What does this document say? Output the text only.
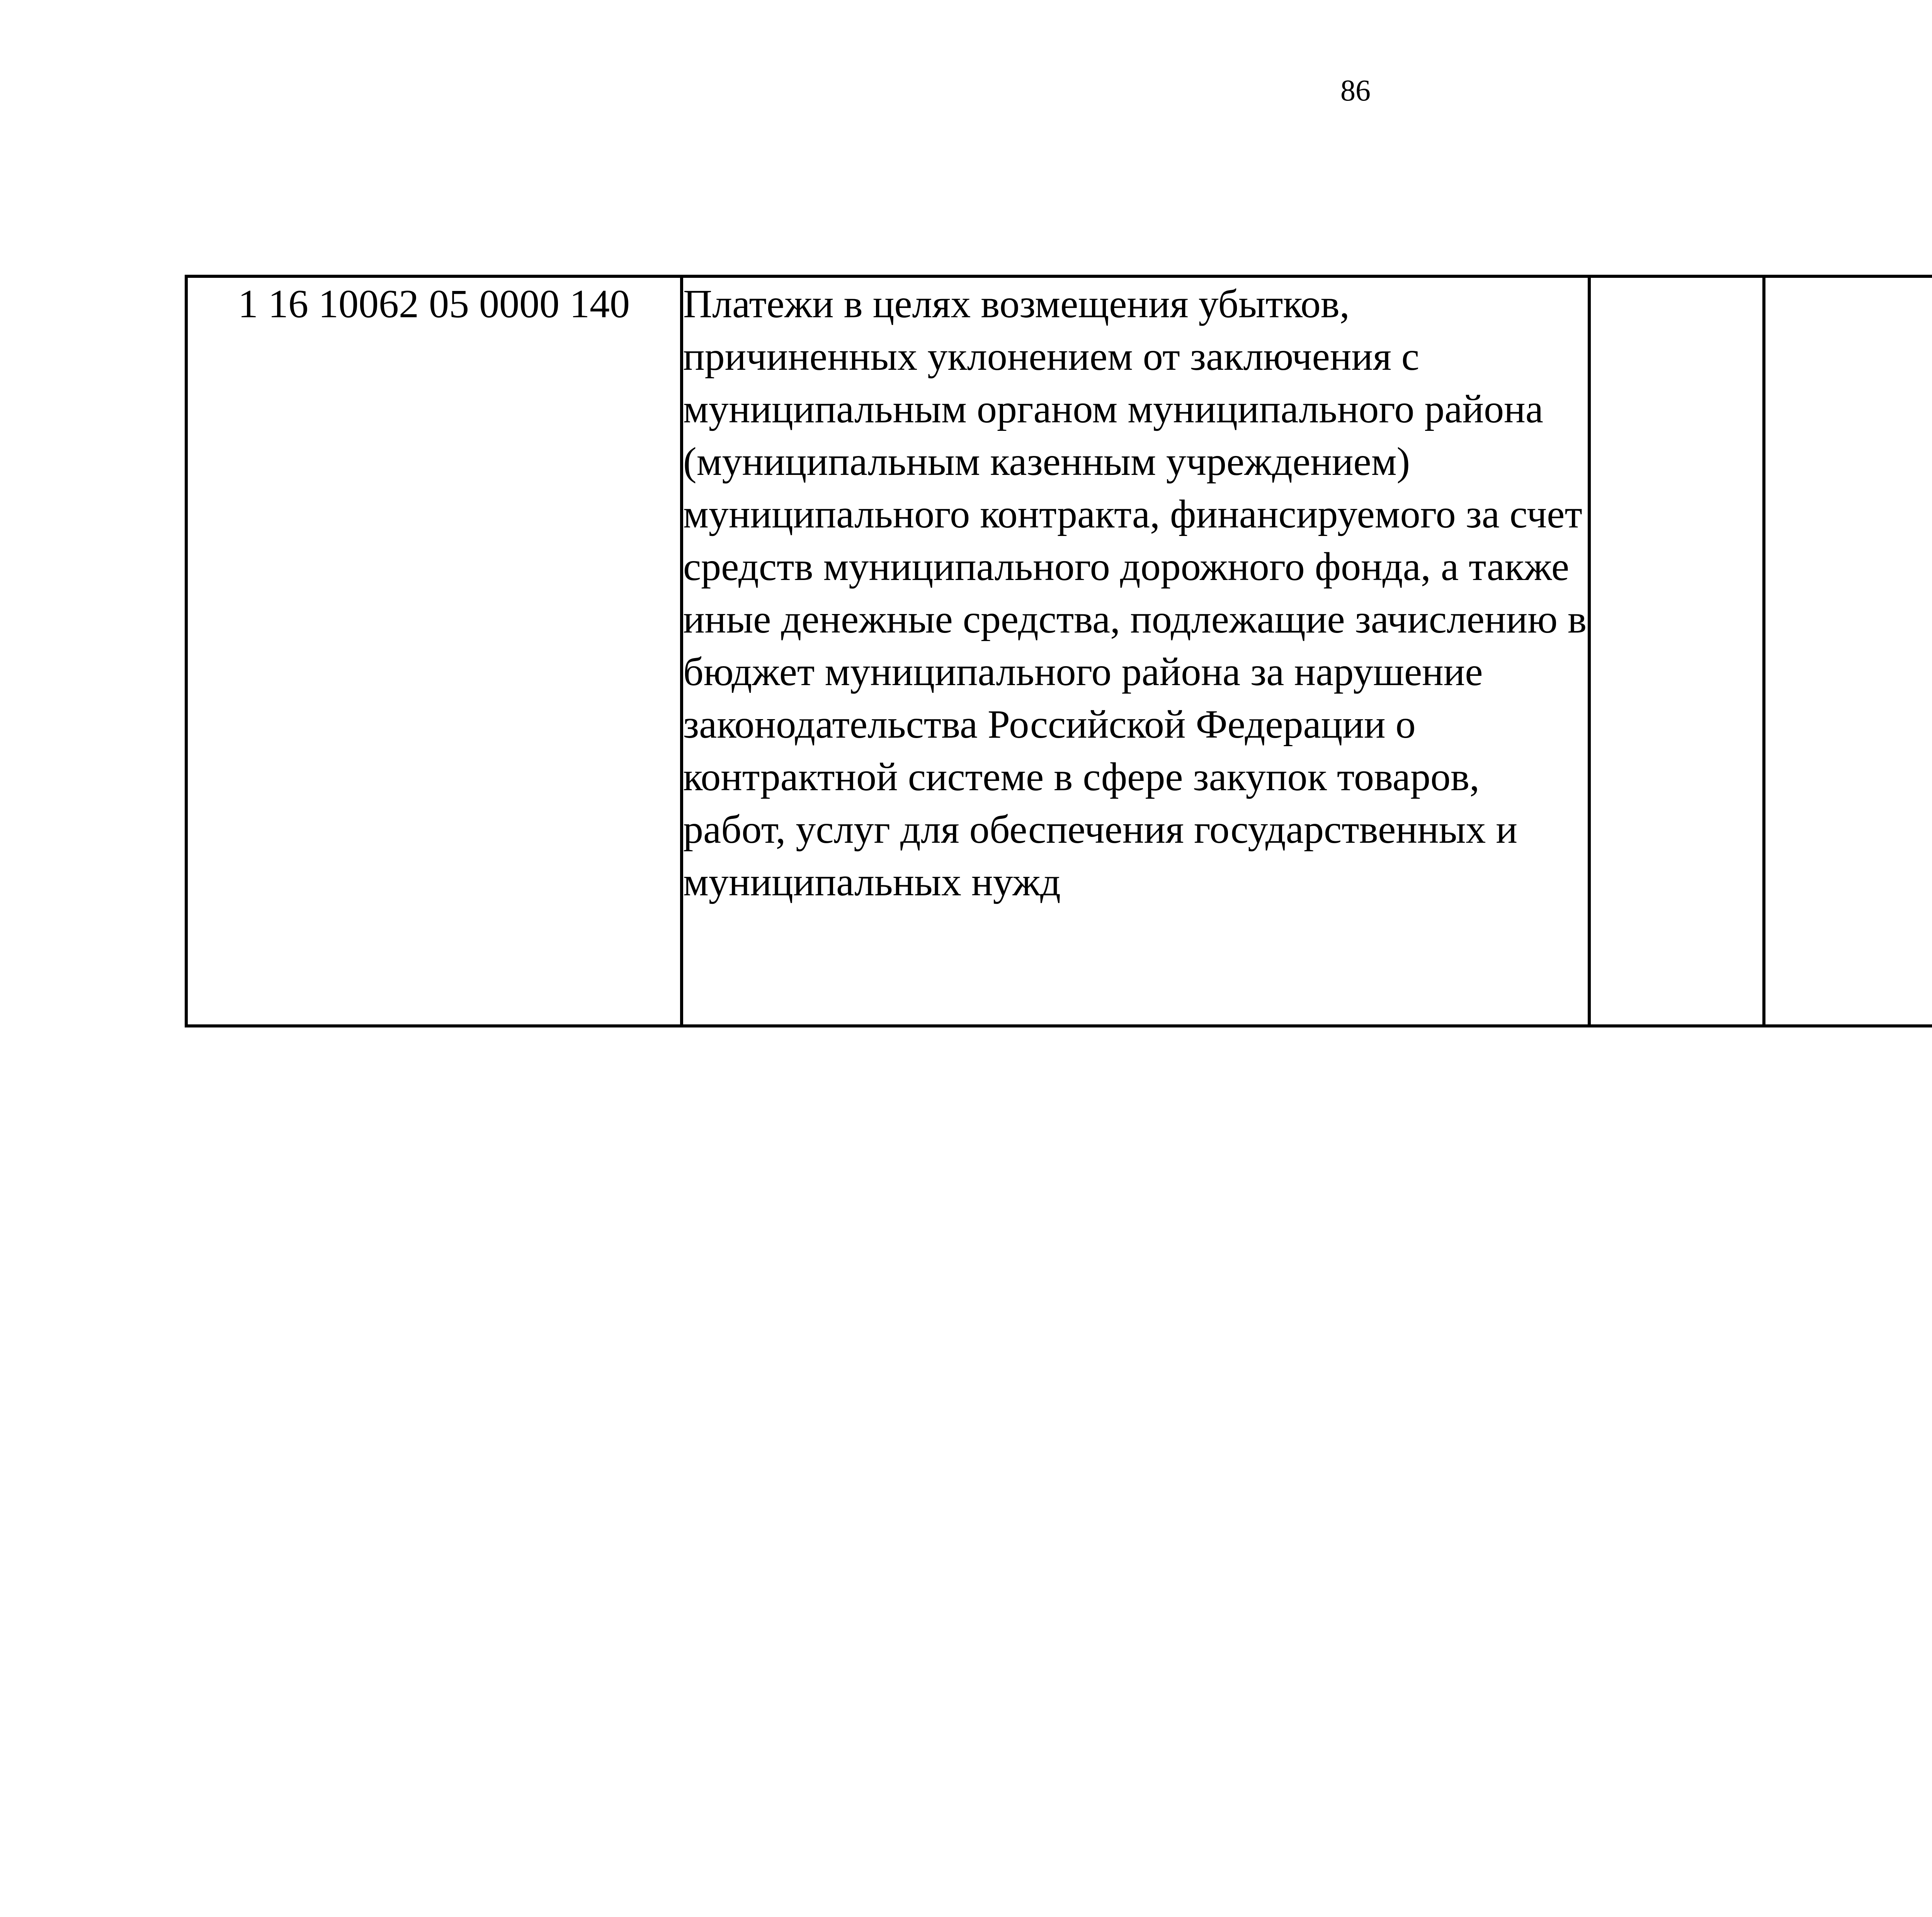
86
1 16 10062 05 0000 140	Платежи в целях возмещения убытков, причиненных уклонением от заключения с муниципальным органом муниципального района (муниципальным казенным учреждением) муниципального контракта, финансируемого за счет средств муниципального дорожного фонда, а также иные денежные средства, подлежащие зачислению в бюджет муниципального района за нарушение законодательства Российской Федерации о контрактной системе в сфере закупок товаров, работ, услуг для обеспечения государственных и муниципальных нужд					
